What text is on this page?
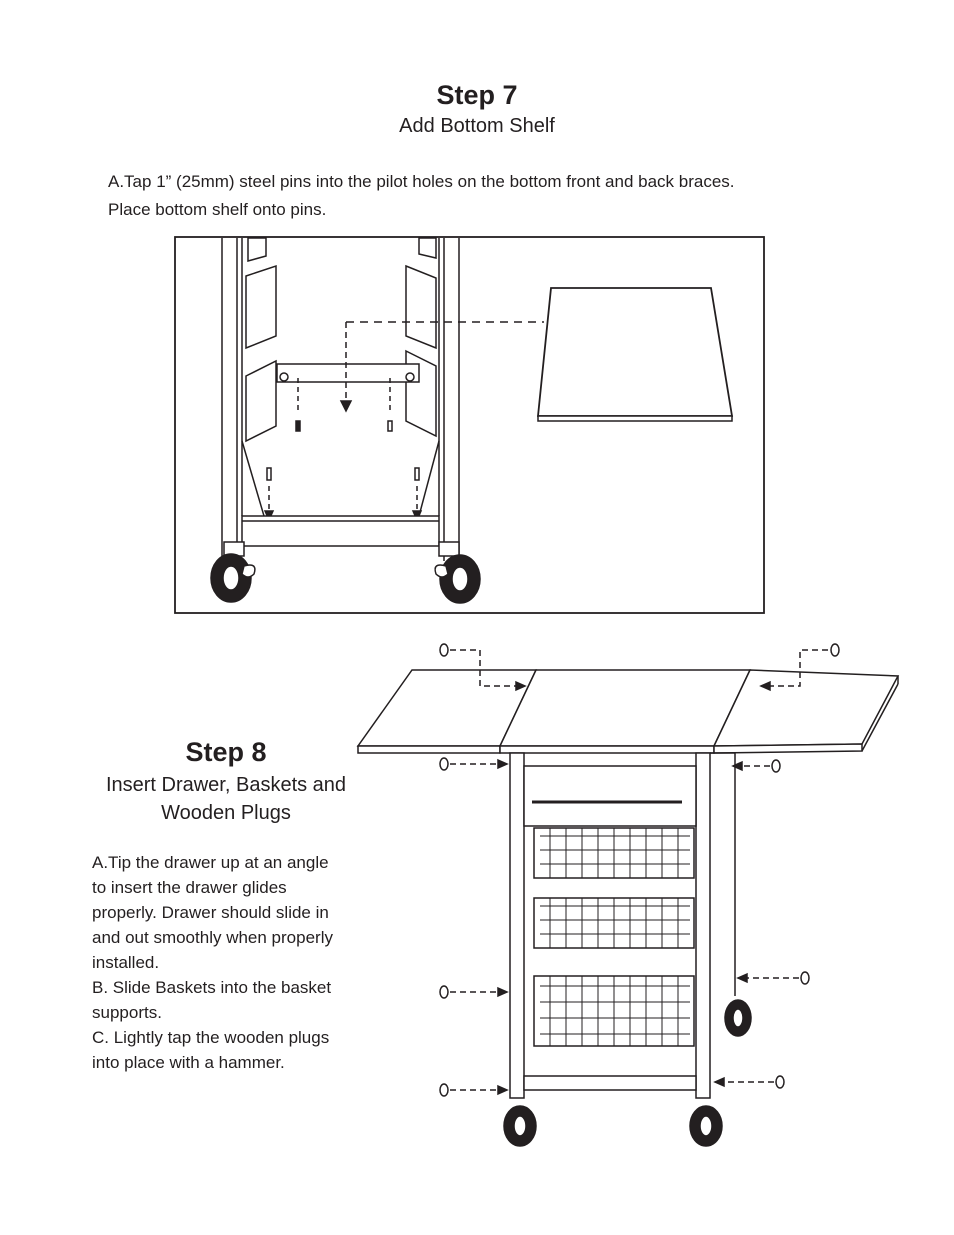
Step 7
Add Bottom Shelf
A.Tap 1” (25mm) steel pins into the pilot holes on the bottom front and back braces.
Place bottom shelf onto pins.
Step 8
Insert Drawer, Baskets and
Wooden Plugs

A.Tip the drawer up at an angle

to insert the drawer glides

properly. Drawer should slide in

and out smoothly when properly

installed.

B. Slide Baskets into the basket

supports.

C. Lightly tap the wooden plugs

into place with a hammer.
